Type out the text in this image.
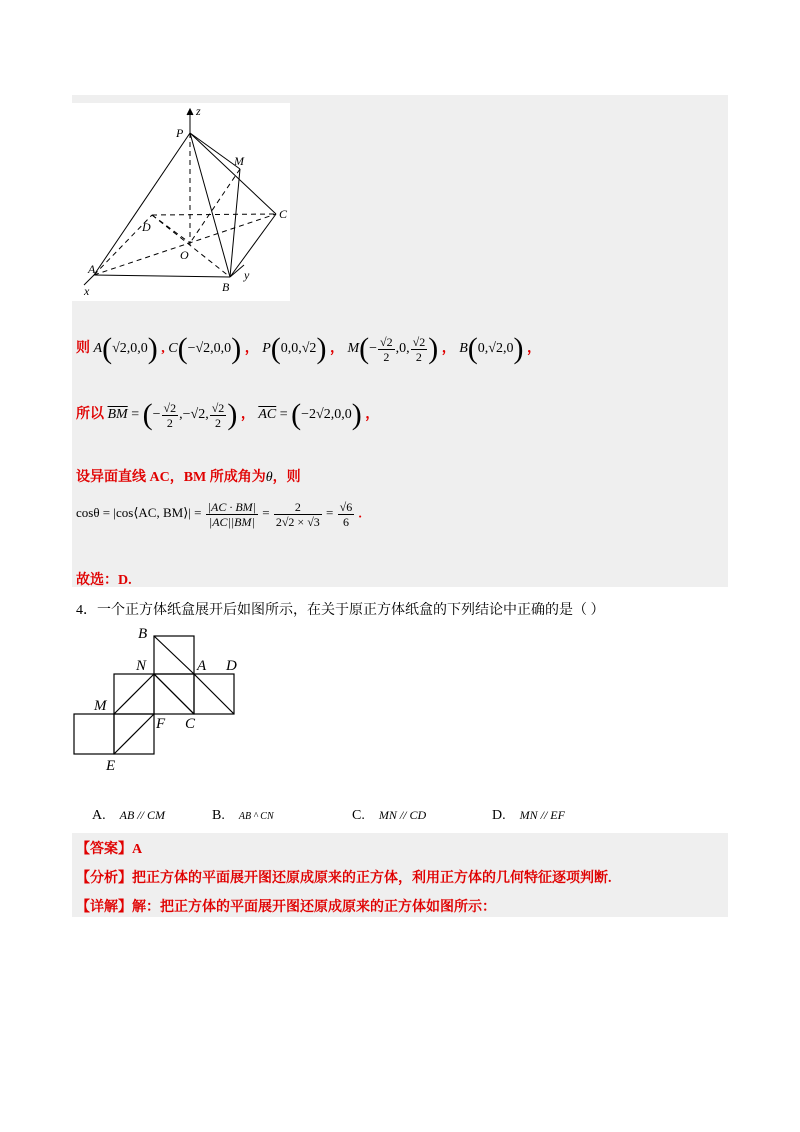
z
P
M
C
D
O
A
B
x
y
则 A(√2,0,0) , C(−√2,0,0) ， P(0,0,√2) ， $M(- \frac{√2}{2} ,0$, $\frac{√2}{2}$ ) ， B(0,√2,0) ，
所以 $\overline{BM}$ = (− $\frac{√2}{2} ,-√2$, $\frac{√2}{2}$ ) ， $\overline{AC} = (-2√2,0,0)$ ，
设异面直线 AC，BM 所成角为θ，则
cosθ = |cos⟨AC, BM⟩| = $\frac{|AC \cdot BM|}{|AC||BM|} = \frac{2}{2√2 \times √3} = \frac{√6}{6}$ .
故选：D.
4．一个正方体纸盒展开后如图所示，在关于原正方体纸盒的下列结论中正确的是（ ）
B
N	A D
M
F C
E
A. AB // CM	B. AB ^ CN	C. MN // CD	D. MN // EF
【答案】A
【分析】把正方体的平面展开图还原成原来的正方体，利用正方体的几何特征逐项判断.
【详解】解：把正方体的平面展开图还原成原来的正方体如图所示：
